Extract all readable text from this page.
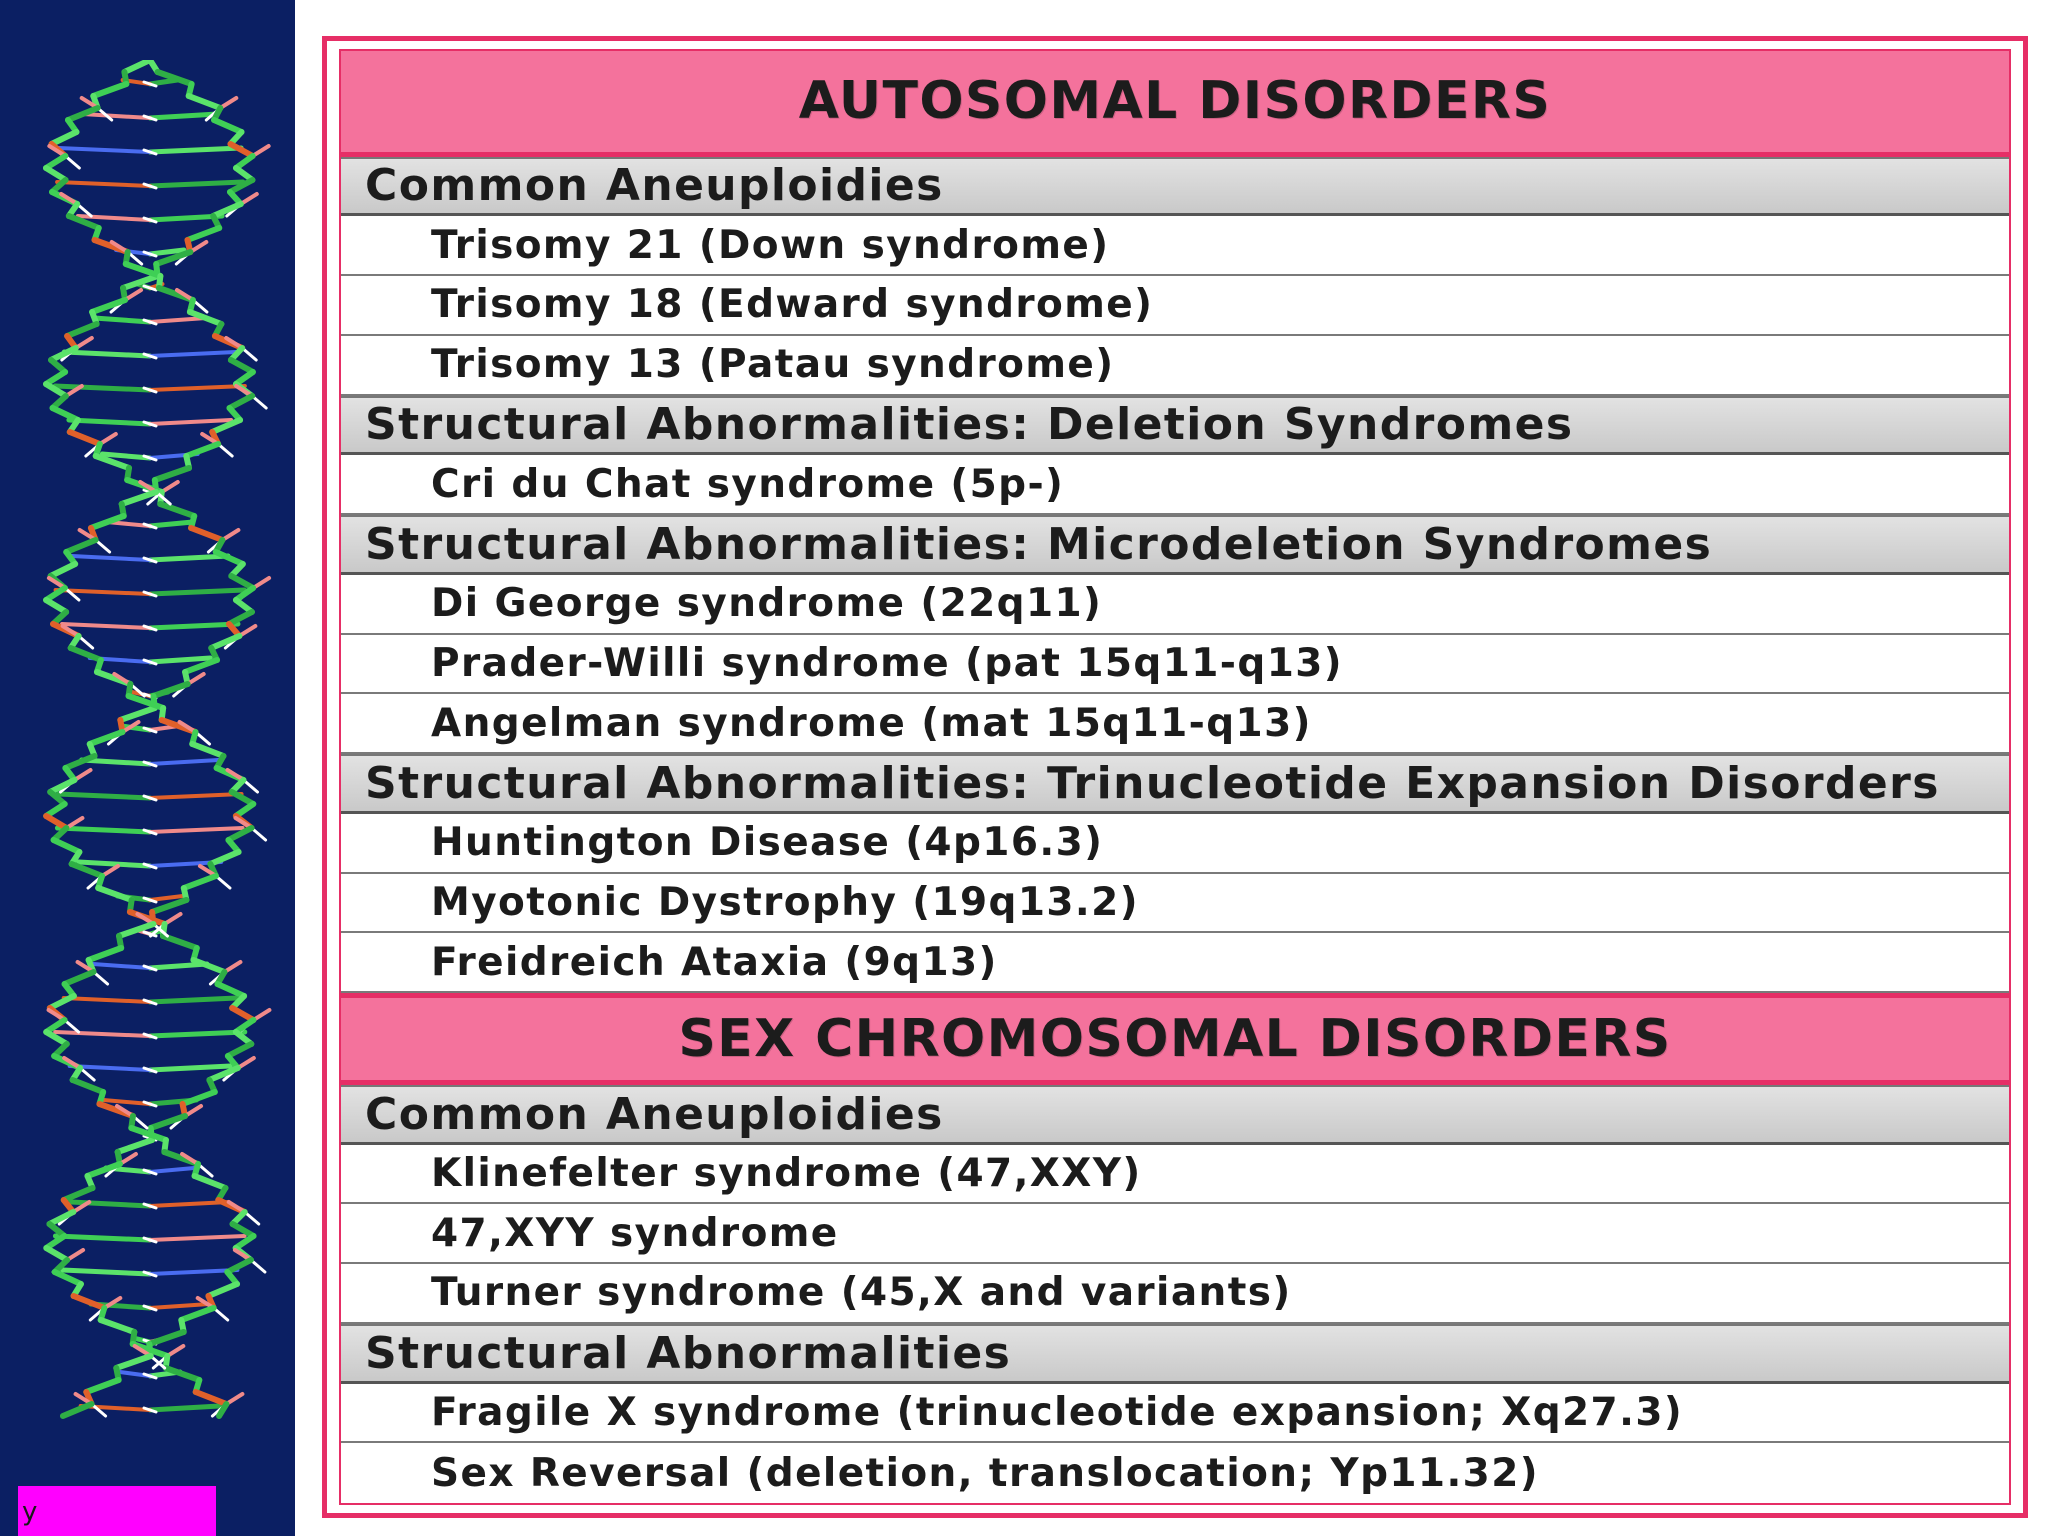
y
AUTOSOMAL DISORDERS
Common Aneuploidies
Trisomy 21 (Down syndrome)
Trisomy 18 (Edward syndrome)
Trisomy 13 (Patau syndrome)
Structural Abnormalities: Deletion Syndromes
Cri du Chat syndrome (5p-)
Structural Abnormalities: Microdeletion Syndromes
Di George syndrome (22q11)
Prader-Willi syndrome (pat 15q11-q13)
Angelman syndrome (mat 15q11-q13)
Structural Abnormalities: Trinucleotide Expansion Disorders
Huntington Disease (4p16.3)
Myotonic Dystrophy (19q13.2)
Freidreich Ataxia (9q13)
SEX CHROMOSOMAL DISORDERS
Common Aneuploidies
Klinefelter syndrome (47,XXY)
47,XYY syndrome
Turner syndrome (45,X and variants)
Structural Abnormalities
Fragile X syndrome (trinucleotide expansion; Xq27.3)
Sex Reversal (deletion, translocation; Yp11.32)
